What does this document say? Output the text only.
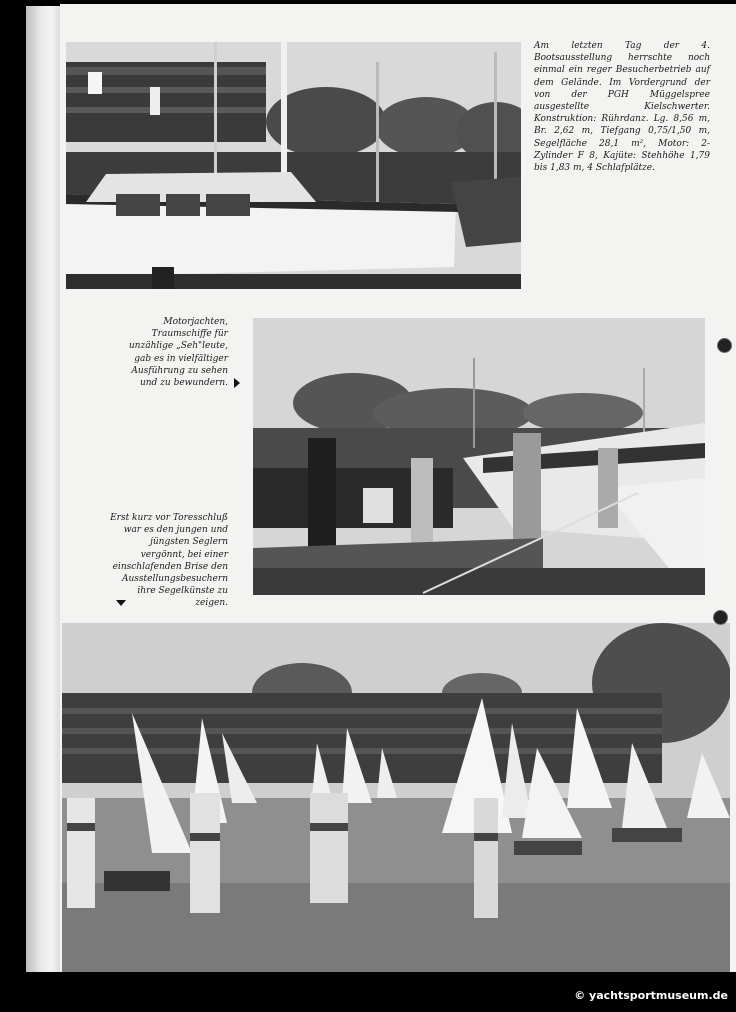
Am letzten Tag der 4. Bootsausstellung herrschte noch einmal ein reger Besucherbetrieb auf dem Gelände. Im Vordergrund der von der PGH Müggelspree ausgestellte Kielschwerter. Konstruktion: Rührdanz. Lg. 8,56 m, Br. 2,62 m, Tiefgang 0,75/1,50 m, Segelfläche 28,1 m², Motor: 2-Zylinder F 8, Kajüte: Stehhöhe 1,79 bis 1,83 m, 4 Schlafplätze.
Motorjachten, Traumschiffe für unzählige „Seh"leute, gab es in vielfältiger Ausführung zu sehen und zu bewundern.
Erst kurz vor Toresschluß war es den jungen und jüngsten Seglern vergönnt, bei einer einschlafenden Brise den Ausstellungsbesuchern ihre Segelkünste zu zeigen.
© yachtsportmuseum.de
